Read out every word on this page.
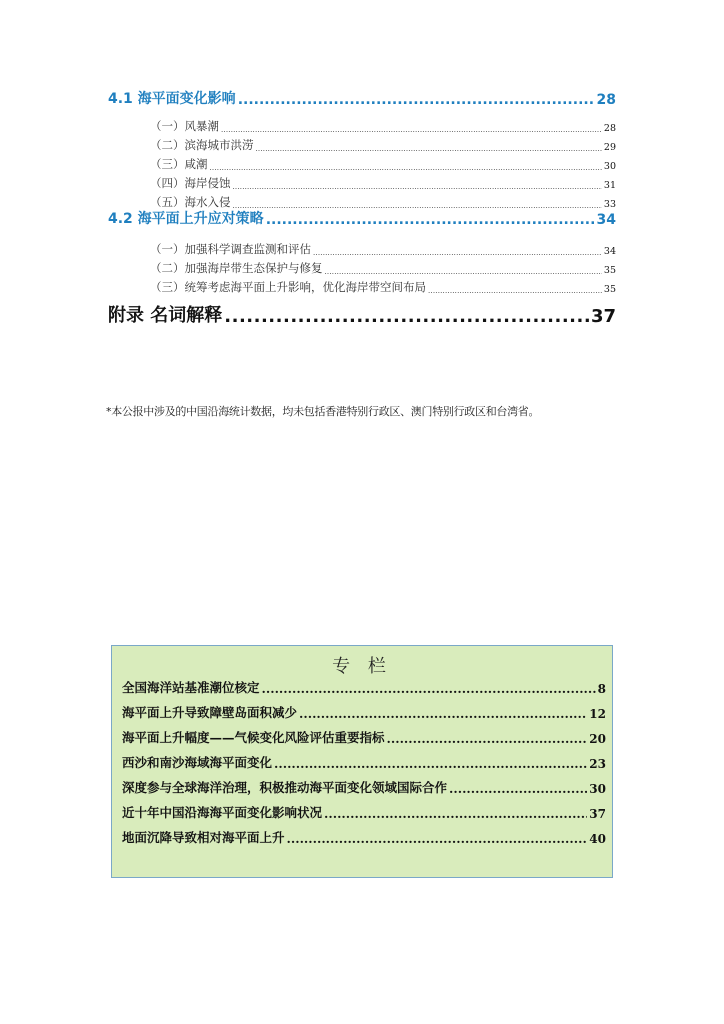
4.1 海平面变化影响 .....	28
（一）风暴潮 .....	28
（二）滨海城市洪涝 .....	29
（三）咸潮 .....	30
（四）海岸侵蚀 .....	31
（五）海水入侵 .....	33
4.2 海平面上升应对策略 .....	34
（一）加强科学调查监测和评估 .....	34
（二）加强海岸带生态保护与修复 .....	35
（三）统筹考虑海平面上升影响，优化海岸带空间布局 .....	35
附录 名词解释 .....	37
*本公报中涉及的中国沿海统计数据，均未包括香港特别行政区、澳门特别行政区和台湾省。
专 栏
全国海洋站基准潮位核定 .....	8
海平面上升导致障壁岛面积减少 .....	12
海平面上升幅度——气候变化风险评估重要指标 .....	20
西沙和南沙海域海平面变化 .....	23
深度参与全球海洋治理，积极推动海平面变化领域国际合作 .....	30
近十年中国沿海海平面变化影响状况 .....	37
地面沉降导致相对海平面上升 .....	40
